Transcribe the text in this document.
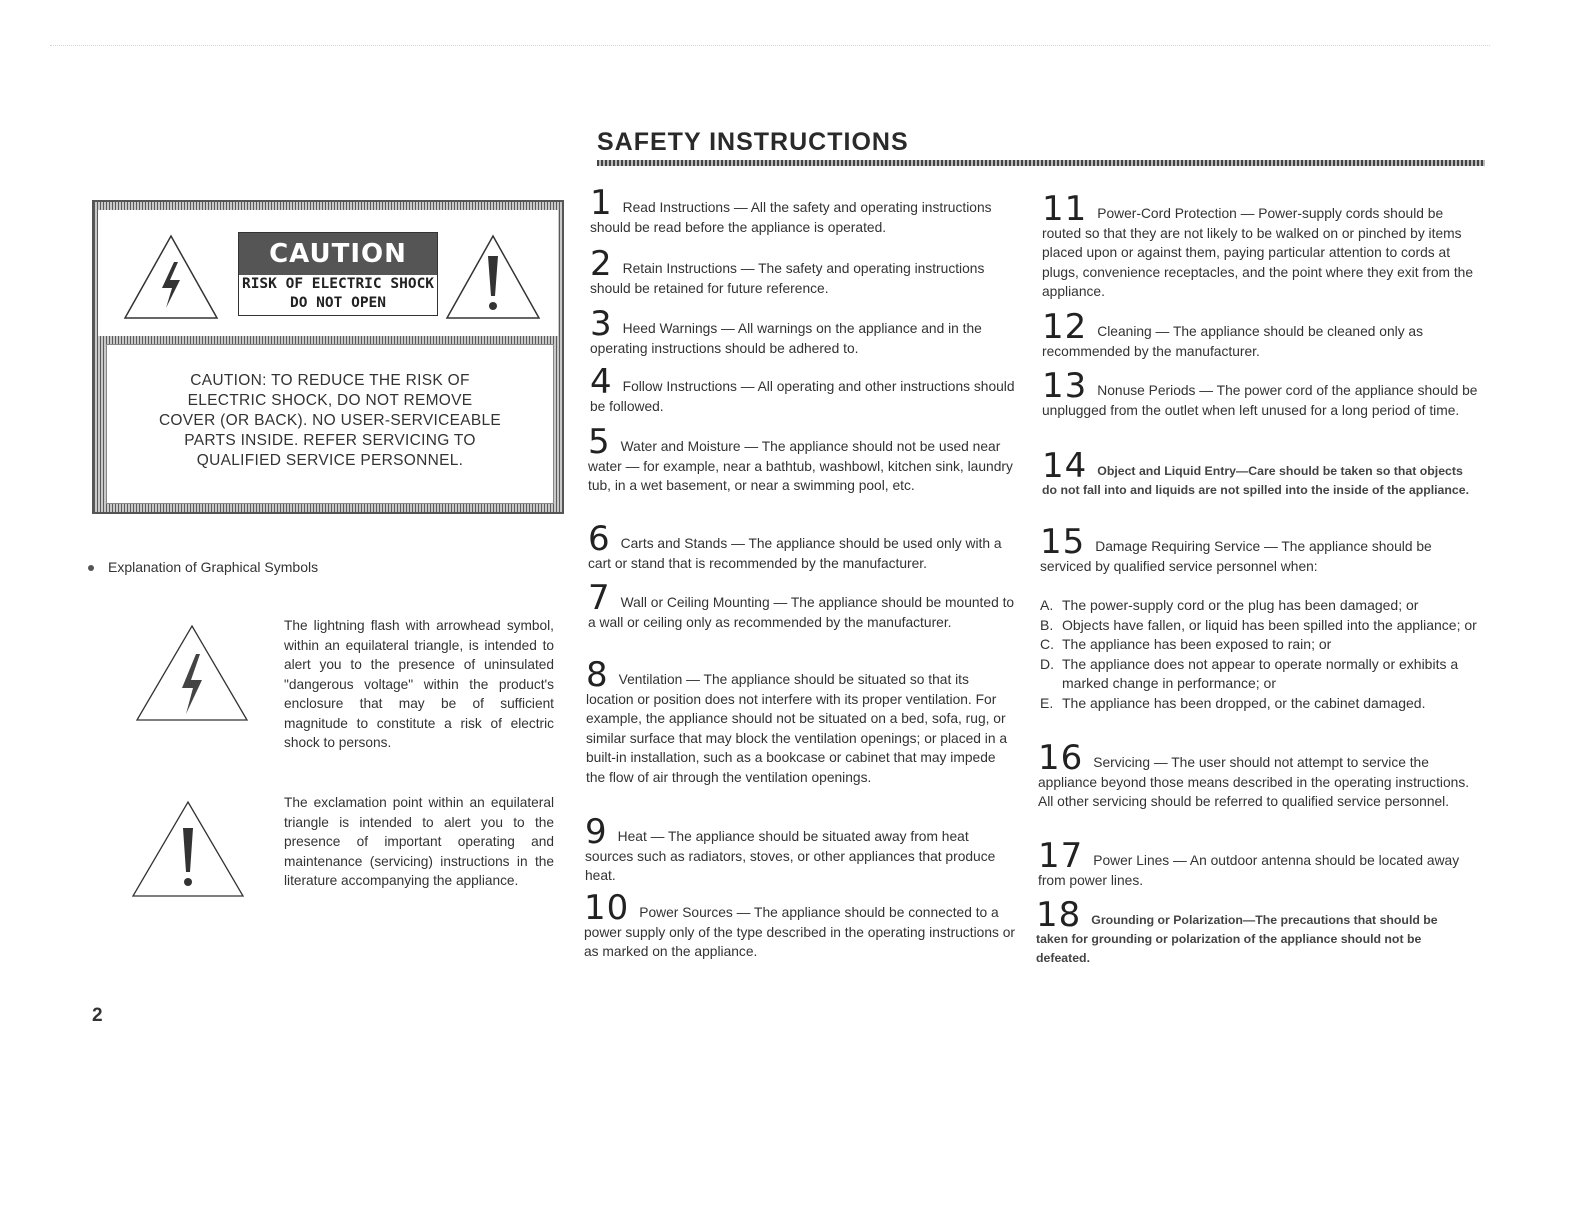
SAFETY INSTRUCTIONS
CAUTION
RISK OF ELECTRIC SHOCK
DO NOT OPEN

CAUTION: TO REDUCE THE RISK OF
ELECTRIC SHOCK, DO NOT REMOVE
COVER (OR BACK). NO USER-SERVICEABLE
PARTS INSIDE. REFER SERVICING TO
QUALIFIED SERVICE PERSONNEL.

Explanation of Graphical Symbols

The lightning flash with arrowhead symbol, within an equilateral triangle, is intended to alert you to the presence of uninsulated "dangerous voltage" within the product's enclosure that may be of sufficient magnitude to constitute a risk of electric shock to persons.

The exclamation point within an equilateral triangle is intended to alert you to the presence of important operating and maintenance (servicing) instructions in the literature accompanying the appliance.

2

1 Read Instructions — All the safety and operating instructions should be read before the appliance is operated.

2 Retain Instructions — The safety and operating instructions should be retained for future reference.

3 Heed Warnings — All warnings on the appliance and in the operating instructions should be adhered to.

4 Follow Instructions — All operating and other instructions should be followed.

5 Water and Moisture — The appliance should not be used near water — for example, near a bathtub, washbowl, kitchen sink, laundry tub, in a wet basement, or near a swimming pool, etc.

6 Carts and Stands — The appliance should be used only with a cart or stand that is recommended by the manufacturer.

7 Wall or Ceiling Mounting — The appliance should be mounted to a wall or ceiling only as recommended by the manufacturer.

8 Ventilation — The appliance should be situated so that its location or position does not interfere with its proper ventilation. For example, the appliance should not be situated on a bed, sofa, rug, or similar surface that may block the ventilation openings; or placed in a built-in installation, such as a bookcase or cabinet that may impede the flow of air through the ventilation openings.

9 Heat — The appliance should be situated away from heat sources such as radiators, stoves, or other appliances that produce heat.

10 Power Sources — The appliance should be connected to a power supply only of the type described in the operating instructions or as marked on the appliance.

11 Power-Cord Protection — Power-supply cords should be routed so that they are not likely to be walked on or pinched by items placed upon or against them, paying particular attention to cords at plugs, convenience receptacles, and the point where they exit from the appliance.

12 Cleaning — The appliance should be cleaned only as recommended by the manufacturer.

13 Nonuse Periods — The power cord of the appliance should be unplugged from the outlet when left unused for a long period of time.

14 Object and Liquid Entry—Care should be taken so that objects do not fall into and liquids are not spilled into the inside of the appliance.

15 Damage Requiring Service — The appliance should be serviced by qualified service personnel when:

A. The power-supply cord or the plug has been damaged; or
B. Objects have fallen, or liquid has been spilled into the appliance; or
C. The appliance has been exposed to rain; or
D. The appliance does not appear to operate normally or exhibits a marked change in performance; or
E. The appliance has been dropped, or the cabinet damaged.

16 Servicing — The user should not attempt to service the appliance beyond those means described in the operating instructions. All other servicing should be referred to qualified service personnel.

17 Power Lines — An outdoor antenna should be located away from power lines.

18 Grounding or Polarization—The precautions that should be taken for grounding or polarization of the appliance should not be defeated.
